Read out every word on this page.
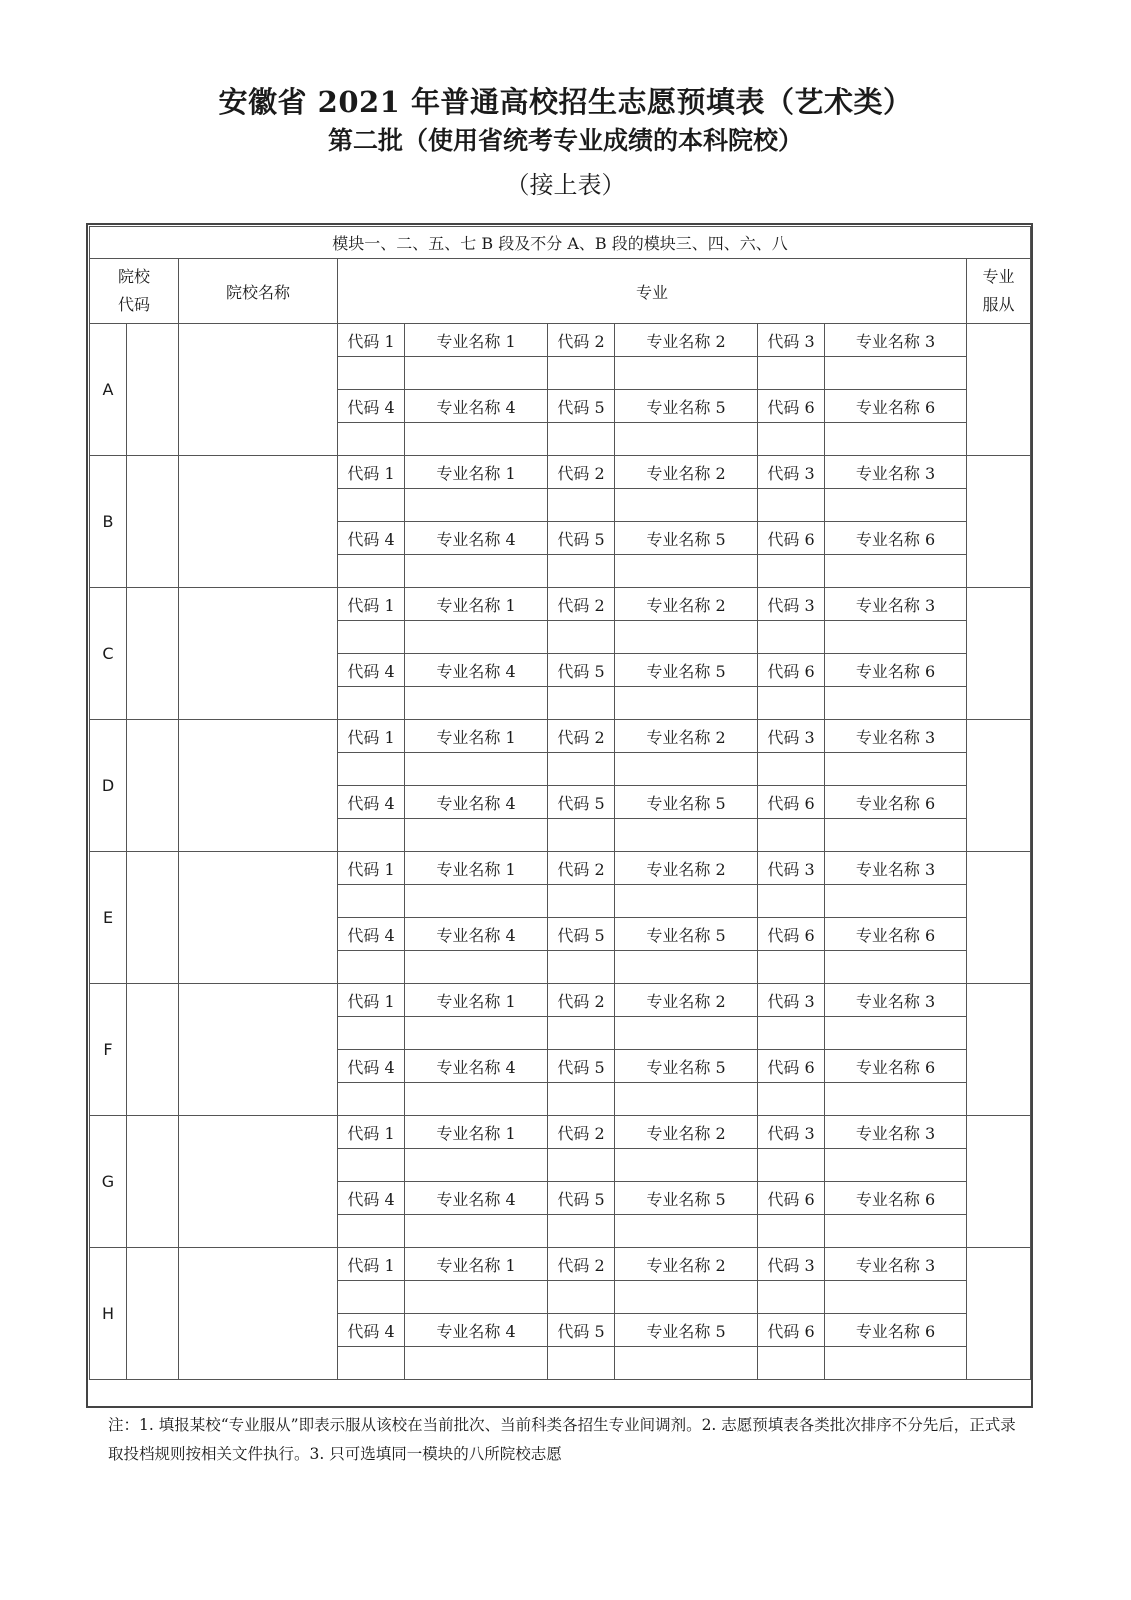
安徽省 2021 年普通高校招生志愿预填表（艺术类）
第二批（使用省统考专业成绩的本科院校）
（接上表）
模块一、二、五、七 B 段及不分 A、B 段的模块三、四、六、八									
院校
代码		院校名称	专业						专业
服从
A			代码 1	专业名称 1	代码 2	专业名称 2	代码 3	专业名称 3	

			代码 4	专业名称 4	代码 5	专业名称 5	代码 6	专业名称 6	

B			代码 1	专业名称 1	代码 2	专业名称 2	代码 3	专业名称 3	

			代码 4	专业名称 4	代码 5	专业名称 5	代码 6	专业名称 6	

C			代码 1	专业名称 1	代码 2	专业名称 2	代码 3	专业名称 3	

			代码 4	专业名称 4	代码 5	专业名称 5	代码 6	专业名称 6	

D			代码 1	专业名称 1	代码 2	专业名称 2	代码 3	专业名称 3	

			代码 4	专业名称 4	代码 5	专业名称 5	代码 6	专业名称 6	

E			代码 1	专业名称 1	代码 2	专业名称 2	代码 3	专业名称 3	

			代码 4	专业名称 4	代码 5	专业名称 5	代码 6	专业名称 6	

F			代码 1	专业名称 1	代码 2	专业名称 2	代码 3	专业名称 3	

			代码 4	专业名称 4	代码 5	专业名称 5	代码 6	专业名称 6	

G			代码 1	专业名称 1	代码 2	专业名称 2	代码 3	专业名称 3	

			代码 4	专业名称 4	代码 5	专业名称 5	代码 6	专业名称 6	

H			代码 1	专业名称 1	代码 2	专业名称 2	代码 3	专业名称 3	

			代码 4	专业名称 4	代码 5	专业名称 5	代码 6	专业名称 6	

注：1. 填报某校“专业服从”即表示服从该校在当前批次、当前科类各招生专业间调剂。2. 志愿预填表各类批次排序不分先后，正式录取投档规则按相关文件执行。3. 只可选填同一模块的八所院校志愿
